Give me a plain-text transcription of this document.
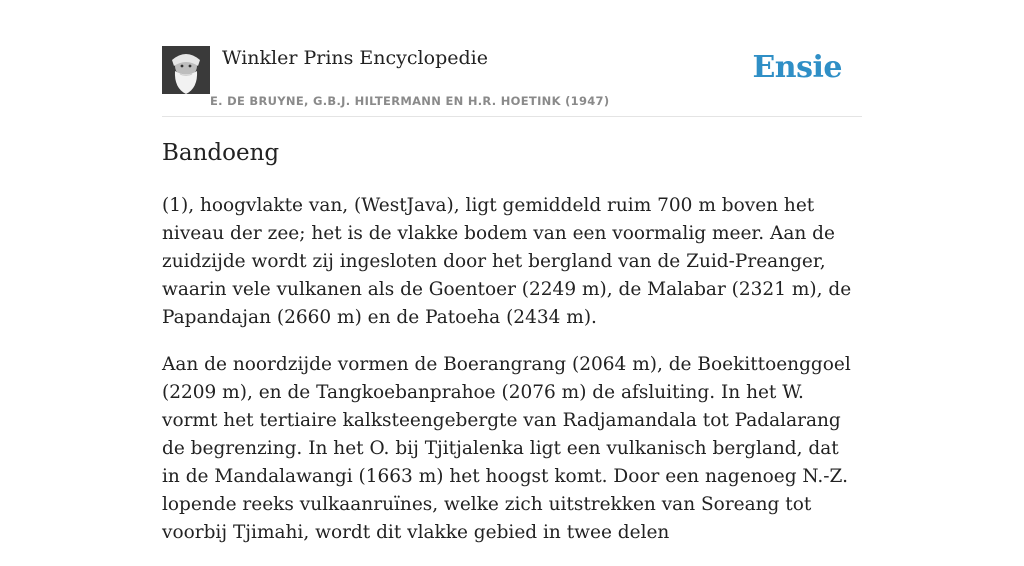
Winkler Prins Encyclopedie
E. DE BRUYNE, G.B.J. HILTERMANN EN H.R. HOETINK (1947)
Ensie
Bandoeng

(1), hoogvlakte van, (WestJava), ligt gemiddeld ruim 700 m boven het niveau der zee; het is de vlakke bodem van een voormalig meer. Aan de zuidzijde wordt zij ingesloten door het bergland van de Zuid-Preanger, waarin vele vulkanen als de Goentoer (2249 m), de Malabar (2321 m), de Papandajan (2660 m) en de Patoeha (2434 m).

Aan de noordzijde vormen de Boerangrang (2064 m), de Boekittoenggoel (2209 m), en de Tangkoebanprahoe (2076 m) de afsluiting. In het W. vormt het tertiaire kalksteengebergte van Radjamandala tot Padalarang de begrenzing. In het O. bij Tjitjalenka ligt een vulkanisch bergland, dat in de Mandalawangi (1663 m) het hoogst komt. Door een nagenoeg N.-Z. lopende reeks vulkaanruïnes, welke zich uitstrekken van Soreang tot voorbij Tjimahi, wordt dit vlakke gebied in twee delen
